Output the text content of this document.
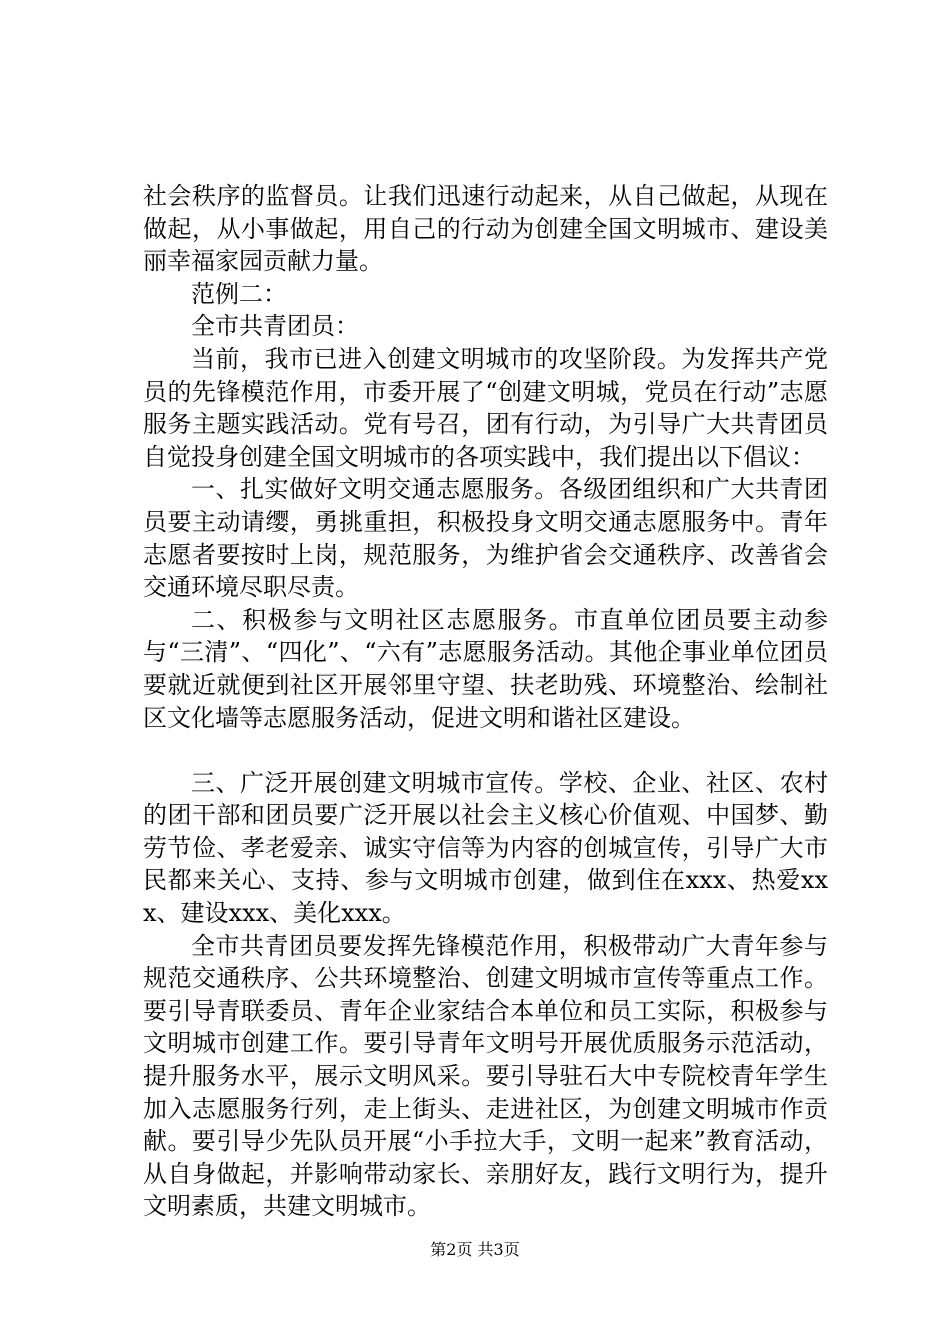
社会秩序的监督员。让我们迅速行动起来，从自己做起，从现在做起，从小事做起，用自己的行动为创建全国文明城市、建设美丽幸福家园贡献力量。

范例二：

全市共青团员：

当前，我市已进入创建文明城市的攻坚阶段。为发挥共产党员的先锋模范作用，市委开展了“创建文明城，党员在行动”志愿服务主题实践活动。党有号召，团有行动，为引导广大共青团员自觉投身创建全国文明城市的各项实践中，我们提出以下倡议：

一、扎实做好文明交通志愿服务。各级团组织和广大共青团员要主动请缨，勇挑重担，积极投身文明交通志愿服务中。青年志愿者要按时上岗，规范服务，为维护省会交通秩序、改善省会交通环境尽职尽责。

二、积极参与文明社区志愿服务。市直单位团员要主动参与“三清”、“四化”、“六有”志愿服务活动。其他企事业单位团员要就近就便到社区开展邻里守望、扶老助残、环境整治、绘制社区文化墙等志愿服务活动，促进文明和谐社区建设。

三、广泛开展创建文明城市宣传。学校、企业、社区、农村的团干部和团员要广泛开展以社会主义核心价值观、中国梦、勤劳节俭、孝老爱亲、诚实守信等为内容的创城宣传，引导广大市民都来关心、支持、参与文明城市创建，做到住在xxx、热爱xxx、建设xxx、美化xxx。

全市共青团员要发挥先锋模范作用，积极带动广大青年参与规范交通秩序、公共环境整治、创建文明城市宣传等重点工作。要引导青联委员、青年企业家结合本单位和员工实际，积极参与文明城市创建工作。要引导青年文明号开展优质服务示范活动，提升服务水平，展示文明风采。要引导驻石大中专院校青年学生加入志愿服务行列，走上街头、走进社区，为创建文明城市作贡献。要引导少先队员开展“小手拉大手，文明一起来”教育活动，从自身做起，并影响带动家长、亲朋好友，践行文明行为，提升文明素质，共建文明城市。

第2页 共3页
